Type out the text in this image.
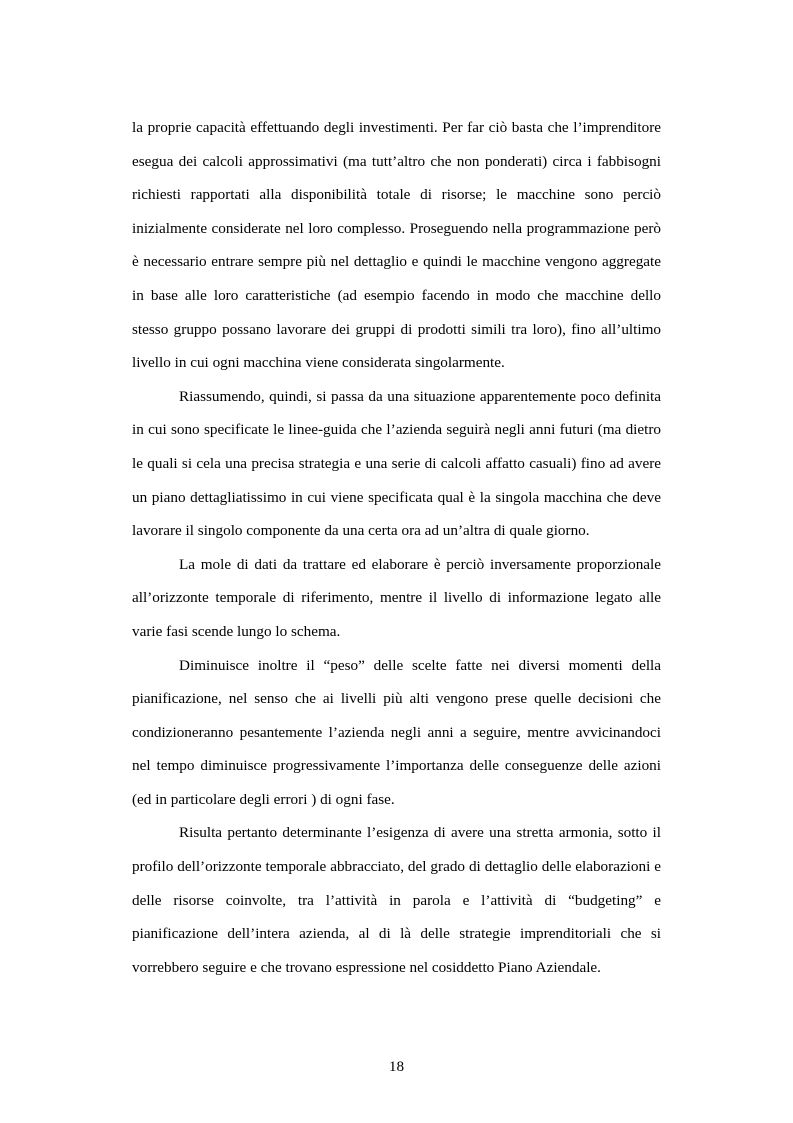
la proprie capacità effettuando degli investimenti. Per far ciò basta che l’imprenditore esegua dei calcoli approssimativi (ma tutt’altro che non ponderati) circa i fabbisogni richiesti rapportati alla disponibilità totale di risorse; le macchine sono perciò inizialmente considerate nel loro complesso. Proseguendo nella programmazione però è necessario entrare sempre più nel dettaglio e quindi le macchine vengono aggregate in base alle loro caratteristiche (ad esempio facendo in modo che macchine dello stesso gruppo possano lavorare dei gruppi di prodotti simili tra loro), fino all’ultimo livello in cui ogni macchina viene considerata singolarmente.

Riassumendo, quindi, si passa da una situazione apparentemente poco definita in cui sono specificate le linee-guida che l’azienda seguirà negli anni futuri (ma dietro le quali si cela una precisa strategia e una serie di calcoli affatto casuali) fino ad avere un piano dettagliatissimo in cui viene specificata qual è la singola macchina che deve lavorare il singolo componente da una certa ora ad un’altra di quale giorno.

La mole di dati da trattare ed elaborare è perciò inversamente proporzionale all’orizzonte temporale di riferimento, mentre il livello di informazione legato alle varie fasi scende lungo lo schema.

Diminuisce inoltre il “peso” delle scelte fatte nei diversi momenti della pianificazione, nel senso che ai livelli più alti vengono prese quelle decisioni che condizioneranno pesantemente l’azienda negli anni a seguire, mentre avvicinandoci nel tempo diminuisce progressivamente l’importanza delle conseguenze delle azioni (ed in particolare degli errori ) di ogni fase.

Risulta pertanto determinante l’esigenza di avere una stretta armonia, sotto il profilo dell’orizzonte temporale abbracciato, del grado di dettaglio delle elaborazioni e delle risorse coinvolte, tra l’attività in parola e l’attività di “budgeting” e pianificazione dell’intera azienda, al di là delle strategie imprenditoriali che si vorrebbero seguire e che trovano espressione nel cosiddetto Piano Aziendale.

18
